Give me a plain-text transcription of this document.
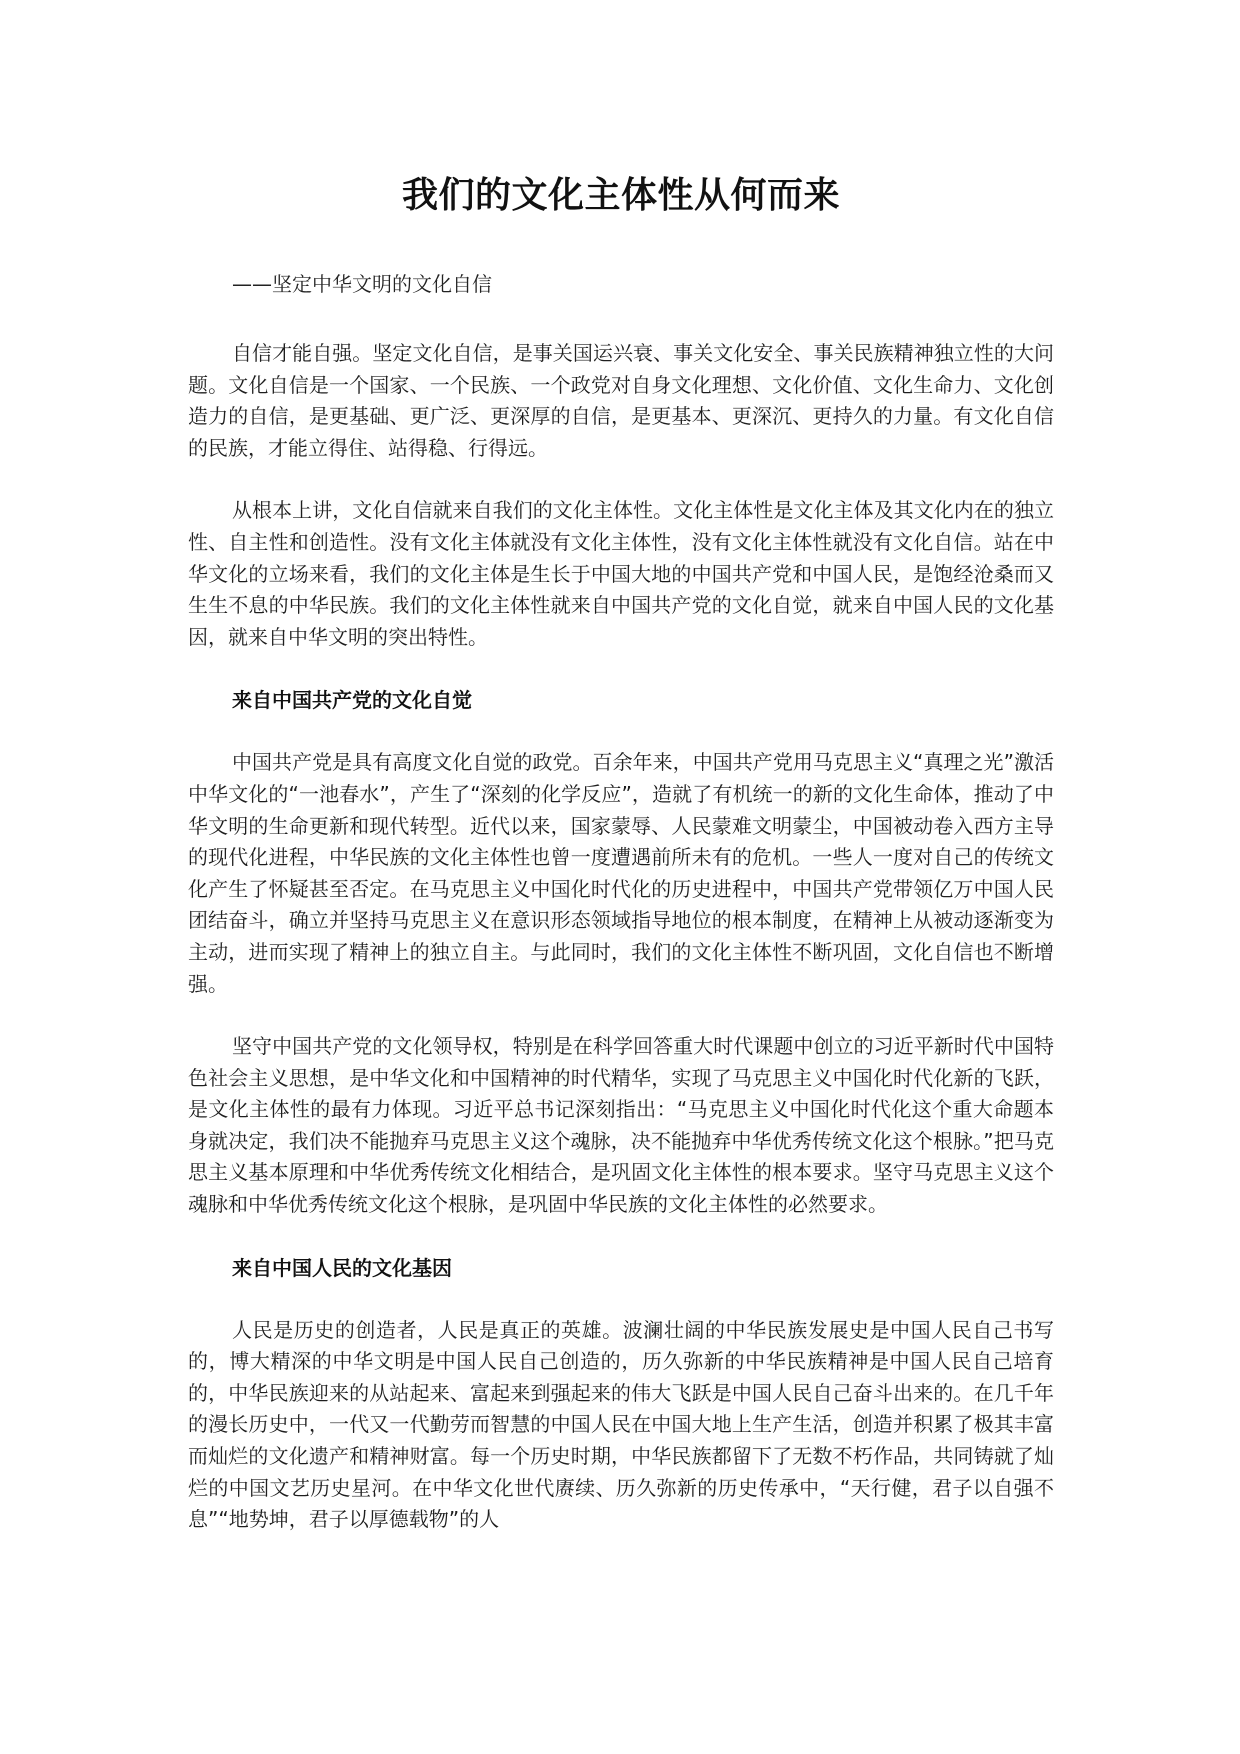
我们的文化主体性从何而来
——坚定中华文明的文化自信

自信才能自强。坚定文化自信，是事关国运兴衰、事关文化安全、事关民族精神独立性的大问题。文化自信是一个国家、一个民族、一个政党对自身文化理想、文化价值、文化生命力、文化创造力的自信，是更基础、更广泛、更深厚的自信，是更基本、更深沉、更持久的力量。有文化自信的民族，才能立得住、站得稳、行得远。

从根本上讲，文化自信就来自我们的文化主体性。文化主体性是文化主体及其文化内在的独立性、自主性和创造性。没有文化主体就没有文化主体性，没有文化主体性就没有文化自信。站在中华文化的立场来看，我们的文化主体是生长于中国大地的中国共产党和中国人民，是饱经沧桑而又生生不息的中华民族。我们的文化主体性就来自中国共产党的文化自觉，就来自中国人民的文化基因，就来自中华文明的突出特性。

来自中国共产党的文化自觉

中国共产党是具有高度文化自觉的政党。百余年来，中国共产党用马克思主义“真理之光”激活中华文化的“一池春水”，产生了“深刻的化学反应”，造就了有机统一的新的文化生命体，推动了中华文明的生命更新和现代转型。近代以来，国家蒙辱、人民蒙难文明蒙尘，中国被动卷入西方主导的现代化进程，中华民族的文化主体性也曾一度遭遇前所未有的危机。一些人一度对自己的传统文化产生了怀疑甚至否定。在马克思主义中国化时代化的历史进程中，中国共产党带领亿万中国人民团结奋斗，确立并坚持马克思主义在意识形态领域指导地位的根本制度，在精神上从被动逐渐变为主动，进而实现了精神上的独立自主。与此同时，我们的文化主体性不断巩固，文化自信也不断增强。

坚守中国共产党的文化领导权，特别是在科学回答重大时代课题中创立的习近平新时代中国特色社会主义思想，是中华文化和中国精神的时代精华，实现了马克思主义中国化时代化新的飞跃，是文化主体性的最有力体现。习近平总书记深刻指出：“马克思主义中国化时代化这个重大命题本身就决定，我们决不能抛弃马克思主义这个魂脉，决不能抛弃中华优秀传统文化这个根脉。”把马克思主义基本原理和中华优秀传统文化相结合，是巩固文化主体性的根本要求。坚守马克思主义这个魂脉和中华优秀传统文化这个根脉，是巩固中华民族的文化主体性的必然要求。

来自中国人民的文化基因

人民是历史的创造者，人民是真正的英雄。波澜壮阔的中华民族发展史是中国人民自己书写的，博大精深的中华文明是中国人民自己创造的，历久弥新的中华民族精神是中国人民自己培育的，中华民族迎来的从站起来、富起来到强起来的伟大飞跃是中国人民自己奋斗出来的。在几千年的漫长历史中，一代又一代勤劳而智慧的中国人民在中国大地上生产生活，创造并积累了极其丰富而灿烂的文化遗产和精神财富。每一个历史时期，中华民族都留下了无数不朽作品，共同铸就了灿烂的中国文艺历史星河。在中华文化世代赓续、历久弥新的历史传承中，“天行健，君子以自强不息”“地势坤，君子以厚德载物”的人
